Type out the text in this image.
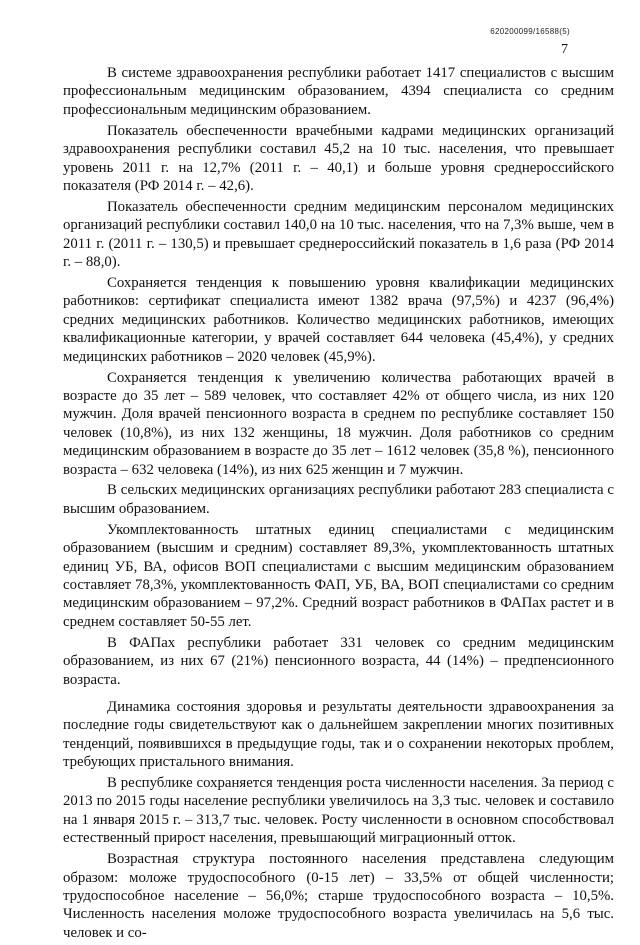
620200099/16588(5)
7

В системе здравоохранения республики работает 1417 специалистов с высшим профессиональным медицинским образованием, 4394 специалиста со средним профессиональным медицинским образованием.

Показатель обеспеченности врачебными кадрами медицинских организаций здравоохранения республики составил 45,2 на 10 тыс. населения, что превышает уровень 2011 г. на 12,7% (2011 г. – 40,1) и больше уровня среднероссийского показателя (РФ 2014 г. – 42,6).

Показатель обеспеченности средним медицинским персоналом медицинских организаций республики составил 140,0 на 10 тыс. населения, что на 7,3% выше, чем в 2011 г. (2011 г. – 130,5) и превышает среднероссийский показатель в 1,6 раза (РФ 2014 г. – 88,0).

Сохраняется тенденция к повышению уровня квалификации медицинских работников: сертификат специалиста имеют 1382 врача (97,5%) и 4237 (96,4%) средних медицинских работников. Количество медицинских работников, имеющих квалификационные категории, у врачей составляет 644 человека (45,4%), у средних медицинских работников – 2020 человек (45,9%).

Сохраняется тенденция к увеличению количества работающих врачей в возрасте до 35 лет – 589 человек, что составляет 42% от общего числа, из них 120 мужчин. Доля врачей пенсионного возраста в среднем по республике составляет 150 человек (10,8%), из них 132 женщины, 18 мужчин. Доля работников со средним медицинским образованием в возрасте до 35 лет – 1612 человек (35,8 %), пенсионного возраста – 632 человека (14%), из них 625 женщин и 7 мужчин.

В сельских медицинских организациях республики работают 283 специалиста с высшим образованием.

Укомплектованность штатных единиц специалистами с медицинским образованием (высшим и средним) составляет 89,3%, укомплектованность штатных единиц УБ, ВА, офисов ВОП специалистами с высшим медицинским образованием составляет 78,3%, укомплектованность ФАП, УБ, ВА, ВОП специалистами со средним медицинским образованием – 97,2%. Средний возраст работников в ФАПах растет и в среднем составляет 50-55 лет.

В ФАПах республики работает 331 человек со средним медицинским образованием, из них 67 (21%) пенсионного возраста, 44 (14%) – предпенсионного возраста.

Динамика состояния здоровья и результаты деятельности здравоохранения за последние годы свидетельствуют как о дальнейшем закреплении многих позитивных тенденций, появившихся в предыдущие годы, так и о сохранении некоторых проблем, требующих пристального внимания.

В республике сохраняется тенденция роста численности населения. За период с 2013 по 2015 годы население республики увеличилось на 3,3 тыс. человек и составило на 1 января 2015 г. – 313,7 тыс. человек. Росту численности в основном способствовал естественный прирост населения, превышающий миграционный отток.

Возрастная структура постоянного населения представлена следующим образом: моложе трудоспособного (0-15 лет) – 33,5% от общей численности; трудоспособное население – 56,0%; старше трудоспособного возраста – 10,5%. Численность населения моложе трудоспособного возраста увеличилась на 5,6 тыс. человек и со-
